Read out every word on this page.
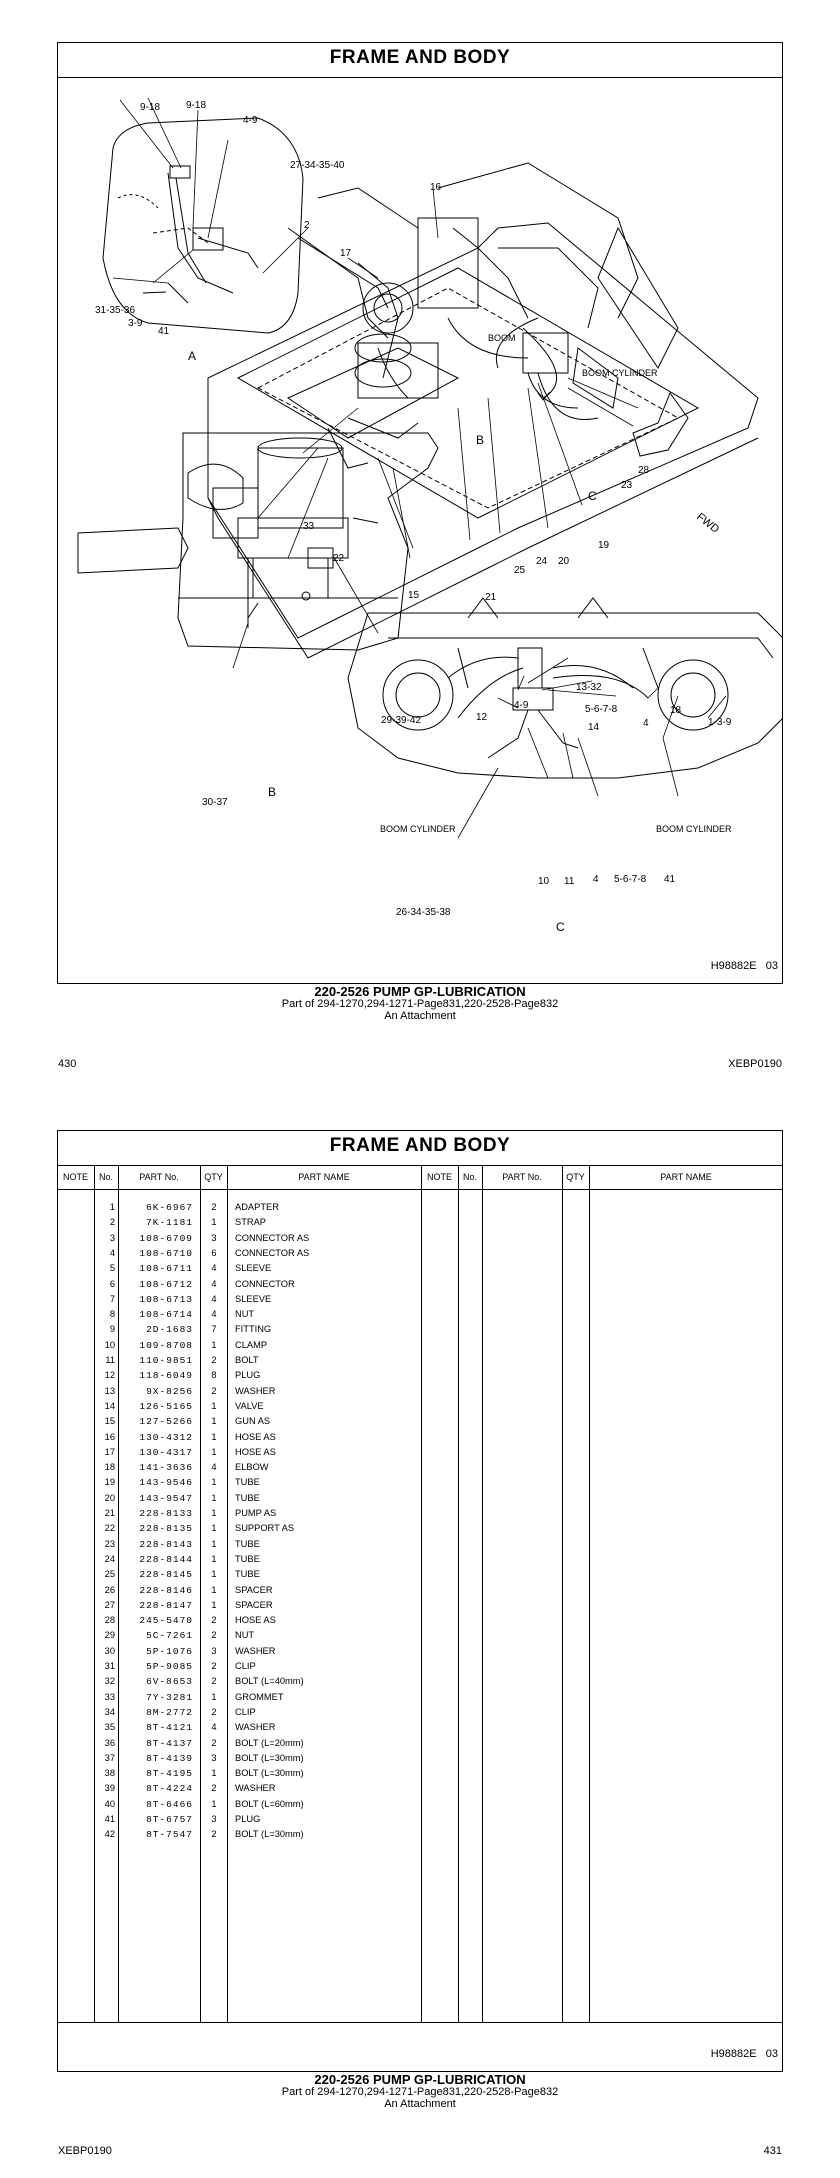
FRAME AND BODY
9-18	9-18
4-9
27-34-35-40
2
31-35-36
3-9
41
A
16
17
BOOM
BOOM CYLINDER
B
28
23
C
33
22
25
24 20
19
21
15
FWD
29-39-42
30-37
B
13-32
4-9	5-6-7-8
12
14	4
18
1-3-9
BOOM CYLINDER	BOOM CYLINDER
10 11 4 5-6-7-8 41
26-34-35-38
C
H98882E 03
220-2526 PUMP GP-LUBRICATION
Part of 294-1270,294-1271-Page831,220-2528-Page832
An Attachment
430	XEBP0190
FRAME AND BODY
NOTE	No.	PART No.	QTY	PART NAME	NOTE	No.	PART No.	QTY	PART NAME
1	6K-6967	2	ADAPTER
2	7K-1181	1	STRAP
3	108-6709	3	CONNECTOR AS
4	108-6710	6	CONNECTOR AS
5	108-6711	4	SLEEVE
6	108-6712	4	CONNECTOR
7	108-6713	4	SLEEVE
8	108-6714	4	NUT
9	2D-1683	7	FITTING
10	109-8708	1	CLAMP
11	110-9851	2	BOLT
12	118-6049	8	PLUG
13	9X-8256	2	WASHER
14	126-5165	1	VALVE
15	127-5266	1	GUN AS
16	130-4312	1	HOSE AS
17	130-4317	1	HOSE AS
18	141-3636	4	ELBOW
19	143-9546	1	TUBE
20	143-9547	1	TUBE
21	228-8133	1	PUMP AS
22	228-8135	1	SUPPORT AS
23	228-8143	1	TUBE
24	228-8144	1	TUBE
25	228-8145	1	TUBE
26	228-8146	1	SPACER
27	228-8147	1	SPACER
28	245-5470	2	HOSE AS
29	5C-7261	2	NUT
30	5P-1076	3	WASHER
31	5P-9085	2	CLIP
32	6V-8653	2	BOLT (L=40mm)
33	7Y-3281	1	GROMMET
34	8M-2772	2	CLIP
35	8T-4121	4	WASHER
36	8T-4137	2	BOLT (L=20mm)
37	8T-4139	3	BOLT (L=30mm)
38	8T-4195	1	BOLT (L=30mm)
39	8T-4224	2	WASHER
40	8T-6466	1	BOLT (L=60mm)
41	8T-6757	3	PLUG
42	8T-7547	2	BOLT (L=30mm)
H98882E 03
220-2526 PUMP GP-LUBRICATION
Part of 294-1270,294-1271-Page831,220-2528-Page832
An Attachment
XEBP0190	431
